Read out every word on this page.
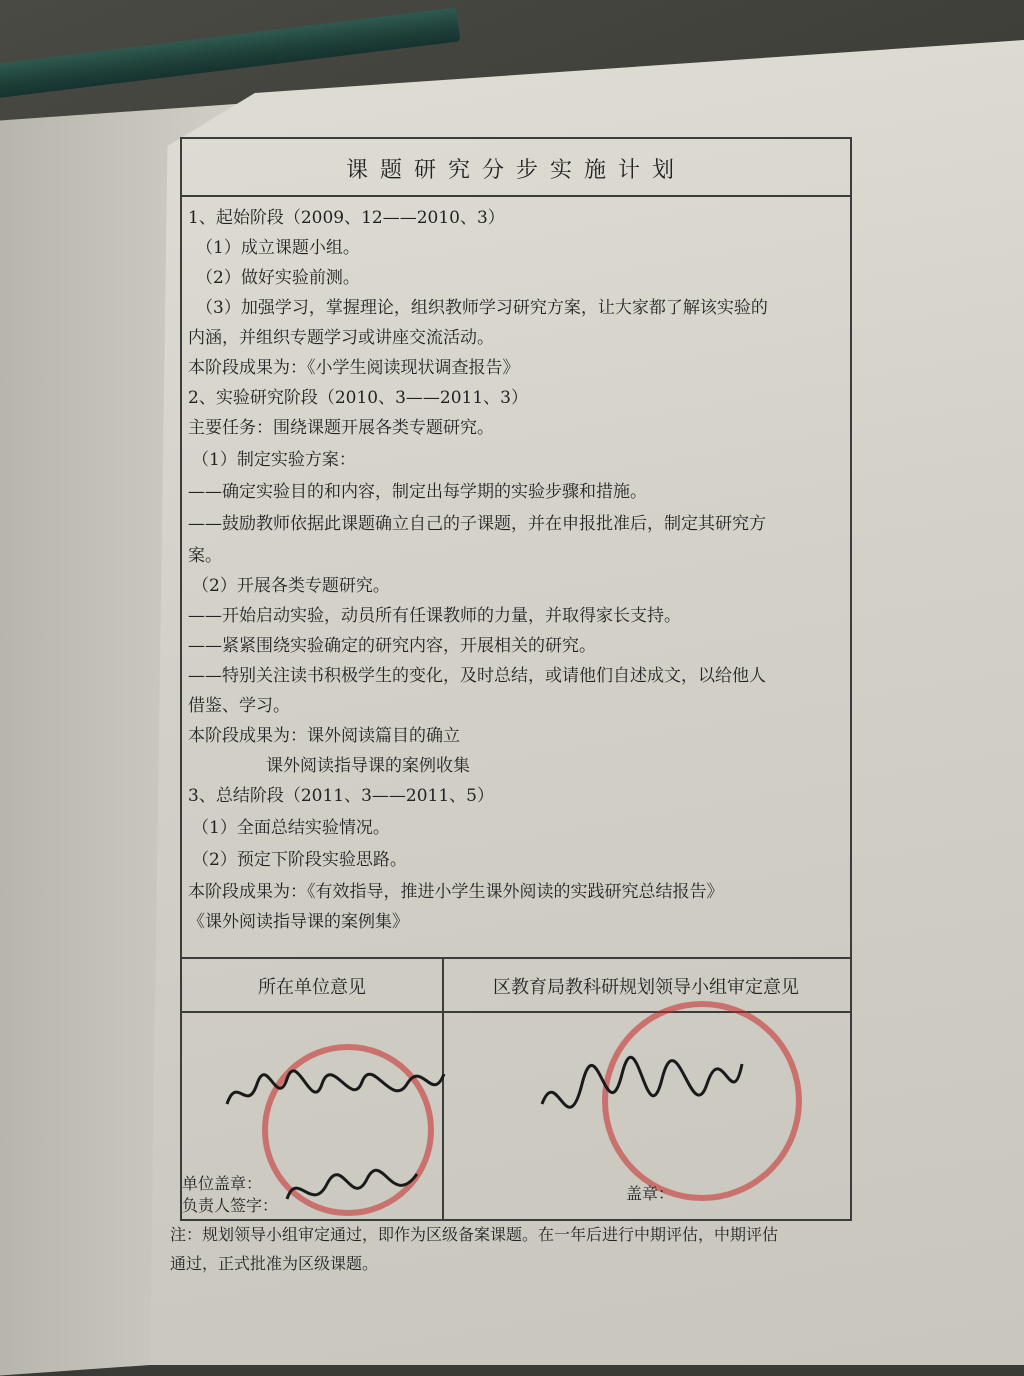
课题研究分步实施计划
1、起始阶段（2009、12——2010、3）
（1）成立课题小组。
（2）做好实验前测。
（3）加强学习，掌握理论，组织教师学习研究方案，让大家都了解该实验的
内涵，并组织专题学习或讲座交流活动。
本阶段成果为：《小学生阅读现状调查报告》
2、实验研究阶段（2010、3——2011、3）
主要任务：围绕课题开展各类专题研究。
（1）制定实验方案：
——确定实验目的和内容，制定出每学期的实验步骤和措施。
——鼓励教师依据此课题确立自己的子课题，并在申报批准后，制定其研究方
案。
（2）开展各类专题研究。
——开始启动实验，动员所有任课教师的力量，并取得家长支持。
——紧紧围绕实验确定的研究内容，开展相关的研究。
——特别关注读书积极学生的变化，及时总结，或请他们自述成文，以给他人
借鉴、学习。
本阶段成果为：课外阅读篇目的确立
课外阅读指导课的案例收集
3、总结阶段（2011、3——2011、5）
（1）全面总结实验情况。
（2）预定下阶段实验思路。
本阶段成果为：《有效指导，推进小学生课外阅读的实践研究总结报告》
《课外阅读指导课的案例集》
所在单位意见	区教育局教科研规划领导小组审定意见
单位盖章：
负责人签字：
盖章：
注：规划领导小组审定通过，即作为区级备案课题。在一年后进行中期评估，中期评估
通过，正式批准为区级课题。
